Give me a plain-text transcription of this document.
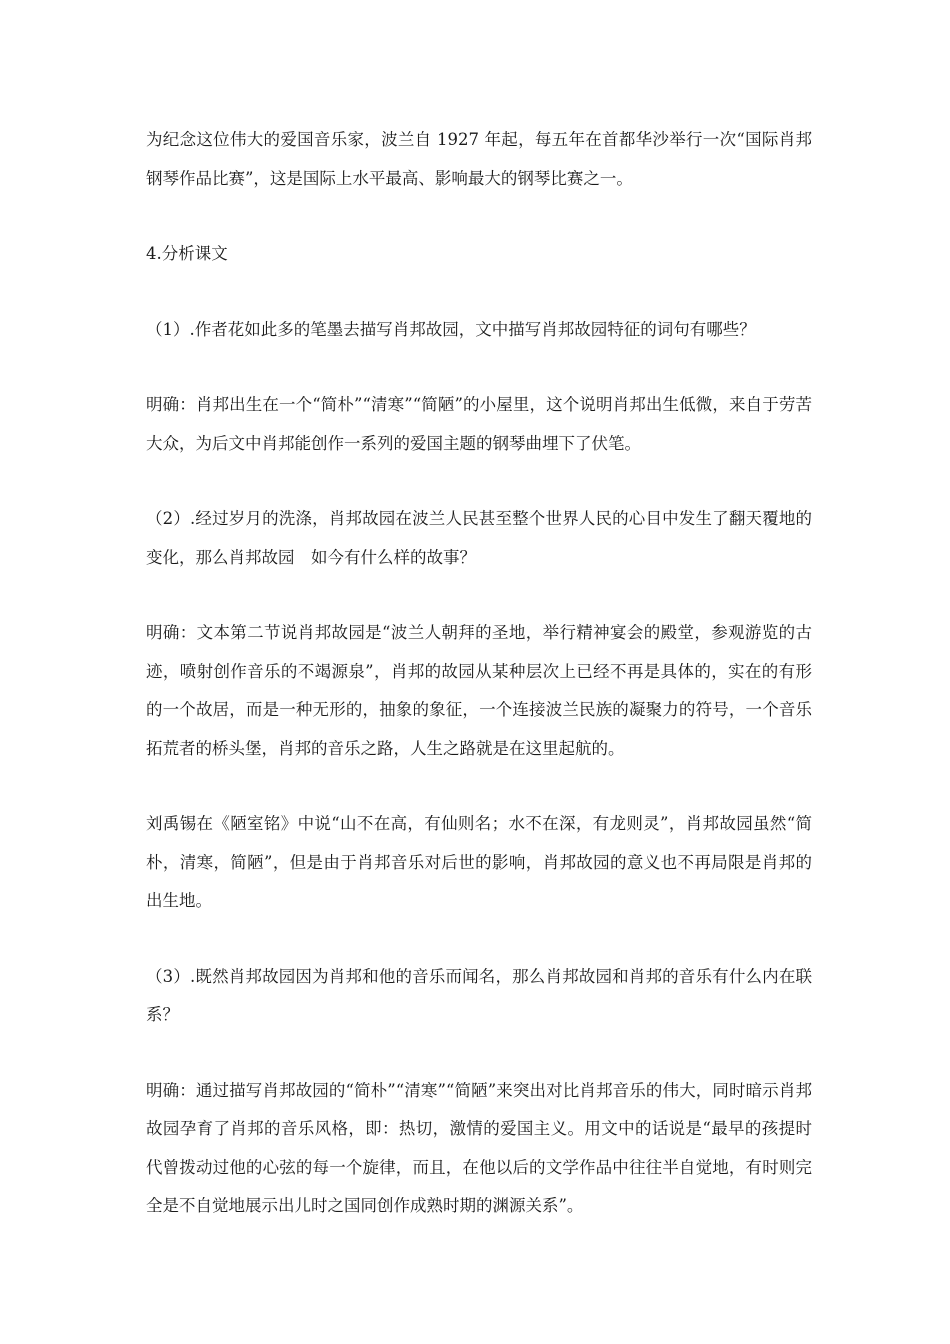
为纪念这位伟大的爱国音乐家，波兰自 1927 年起，每五年在首都华沙举行一次“国际肖邦钢琴作品比赛”，这是国际上水平最高、影响最大的钢琴比赛之一。

4.分析课文

（1）.作者花如此多的笔墨去描写肖邦故园，文中描写肖邦故园特征的词句有哪些？

明确：肖邦出生在一个“简朴”“清寒”“简陋”的小屋里，这个说明肖邦出生低微，来自于劳苦大众，为后文中肖邦能创作一系列的爱国主题的钢琴曲埋下了伏笔。

（2）.经过岁月的洗涤，肖邦故园在波兰人民甚至整个世界人民的心目中发生了翻天覆地的变化，那么肖邦故园　如今有什么样的故事？

明确：文本第二节说肖邦故园是“波兰人朝拜的圣地，举行精神宴会的殿堂，参观游览的古迹，喷射创作音乐的不竭源泉”，肖邦的故园从某种层次上已经不再是具体的，实在的有形的一个故居，而是一种无形的，抽象的象征，一个连接波兰民族的凝聚力的符号，一个音乐拓荒者的桥头堡，肖邦的音乐之路，人生之路就是在这里起航的。

刘禹锡在《陋室铭》中说“山不在高，有仙则名；水不在深，有龙则灵”，肖邦故园虽然“简朴，清寒，简陋”，但是由于肖邦音乐对后世的影响，肖邦故园的意义也不再局限是肖邦的出生地。

（3）.既然肖邦故园因为肖邦和他的音乐而闻名，那么肖邦故园和肖邦的音乐有什么内在联系？

明确：通过描写肖邦故园的“简朴”“清寒”“简陋”来突出对比肖邦音乐的伟大，同时暗示肖邦故园孕育了肖邦的音乐风格，即：热切，激情的爱国主义。用文中的话说是“最早的孩提时代曾拨动过他的心弦的每一个旋律，而且，在他以后的文学作品中往往半自觉地，有时则完全是不自觉地展示出儿时之国同创作成熟时期的渊源关系”。
